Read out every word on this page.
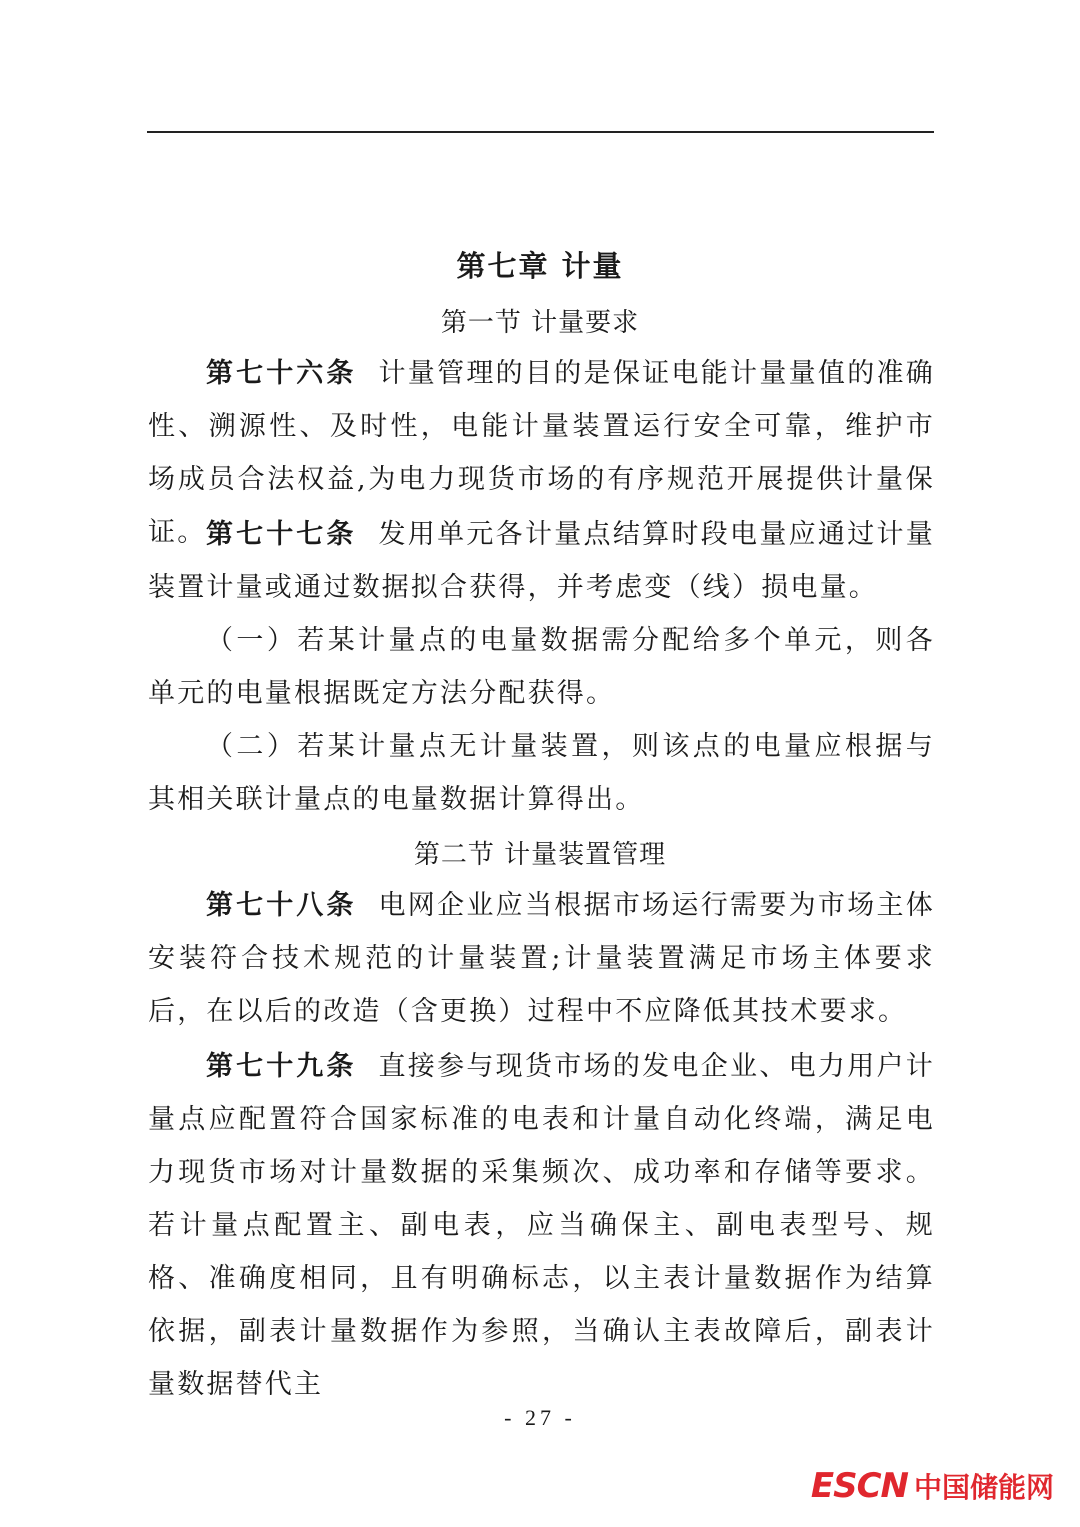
第七章 计量
第一节 计量要求

第七十六条 计量管理的目的是保证电能计量量值的准确性、溯源性、及时性，电能计量装置运行安全可靠，维护市场成员合法权益,为电力现货市场的有序规范开展提供计量保证。 第七十七条 发用单元各计量点结算时段电量应通过计量装置计量或通过数据拟合获得，并考虑变（线）损电量。

（一）若某计量点的电量数据需分配给多个单元，则各单元的电量根据既定方法分配获得。

（二）若某计量点无计量装置，则该点的电量应根据与其相关联计量点的电量数据计算得出。

第二节 计量装置管理

第七十八条 电网企业应当根据市场运行需要为市场主体安装符合技术规范的计量装置;计量装置满足市场主体要求后，在以后的改造（含更换）过程中不应降低其技术要求。

第七十九条 直接参与现货市场的发电企业、电力用户计量点应配置符合国家标准的电表和计量自动化终端，满足电力现货市场对计量数据的采集频次、成功率和存储等要求。若计量点配置主、副电表，应当确保主、副电表型号、规格、准确度相同，且有明确标志，以主表计量数据作为结算依据，副表计量数据作为参照，当确认主表故障后，副表计量数据替代主

- 27 -
ESCN 中国储能网
